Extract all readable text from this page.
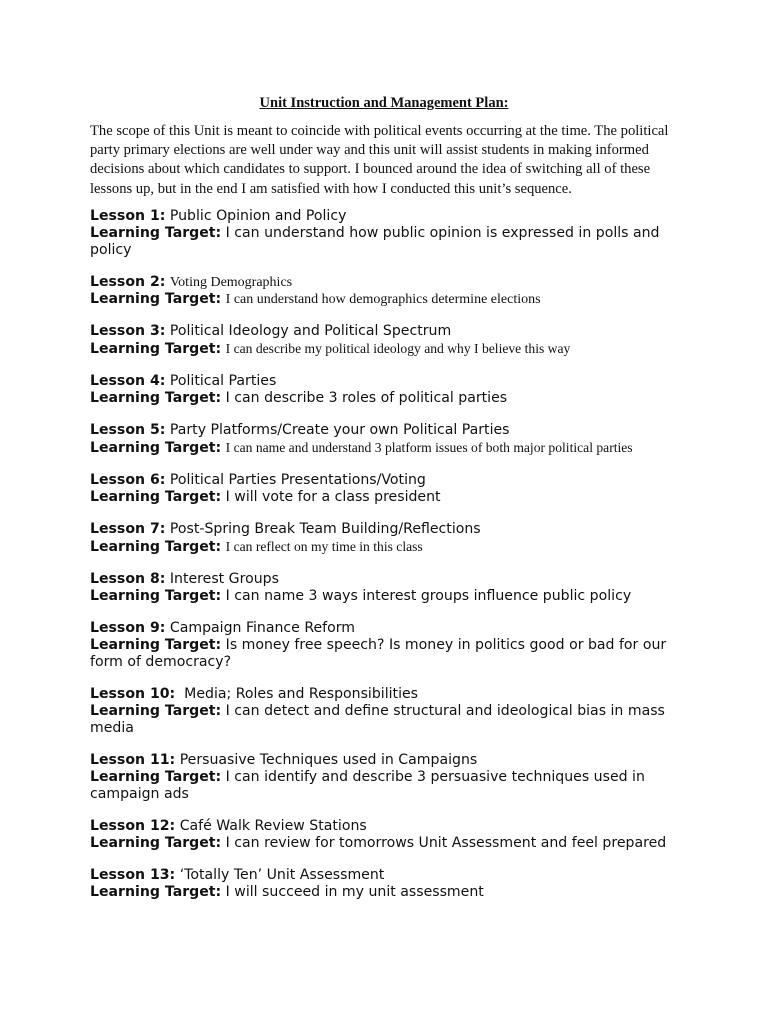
Unit Instruction and Management Plan:

The scope of this Unit is meant to coincide with political events occurring at the time. The political party primary elections are well under way and this unit will assist students in making informed decisions about which candidates to support. I bounced around the idea of switching all of these lessons up, but in the end I am satisfied with how I conducted this unit’s sequence.

Lesson 1: Public Opinion and Policy
Learning Target: I can understand how public opinion is expressed in polls and policy
Lesson 2: Voting Demographics
Learning Target: I can understand how demographics determine elections
Lesson 3: Political Ideology and Political Spectrum
Learning Target: I can describe my political ideology and why I believe this way
Lesson 4: Political Parties
Learning Target: I can describe 3 roles of political parties
Lesson 5: Party Platforms/Create your own Political Parties
Learning Target: I can name and understand 3 platform issues of both major political parties
Lesson 6: Political Parties Presentations/Voting
Learning Target: I will vote for a class president
Lesson 7: Post-Spring Break Team Building/Reflections
Learning Target: I can reflect on my time in this class
Lesson 8: Interest Groups
Learning Target: I can name 3 ways interest groups influence public policy
Lesson 9: Campaign Finance Reform
Learning Target: Is money free speech? Is money in politics good or bad for our form of democracy?
Lesson 10: Media; Roles and Responsibilities
Learning Target: I can detect and define structural and ideological bias in mass media
Lesson 11: Persuasive Techniques used in Campaigns
Learning Target: I can identify and describe 3 persuasive techniques used in campaign ads
Lesson 12: Café Walk Review Stations
Learning Target: I can review for tomorrows Unit Assessment and feel prepared
Lesson 13: ‘Totally Ten’ Unit Assessment
Learning Target: I will succeed in my unit assessment
